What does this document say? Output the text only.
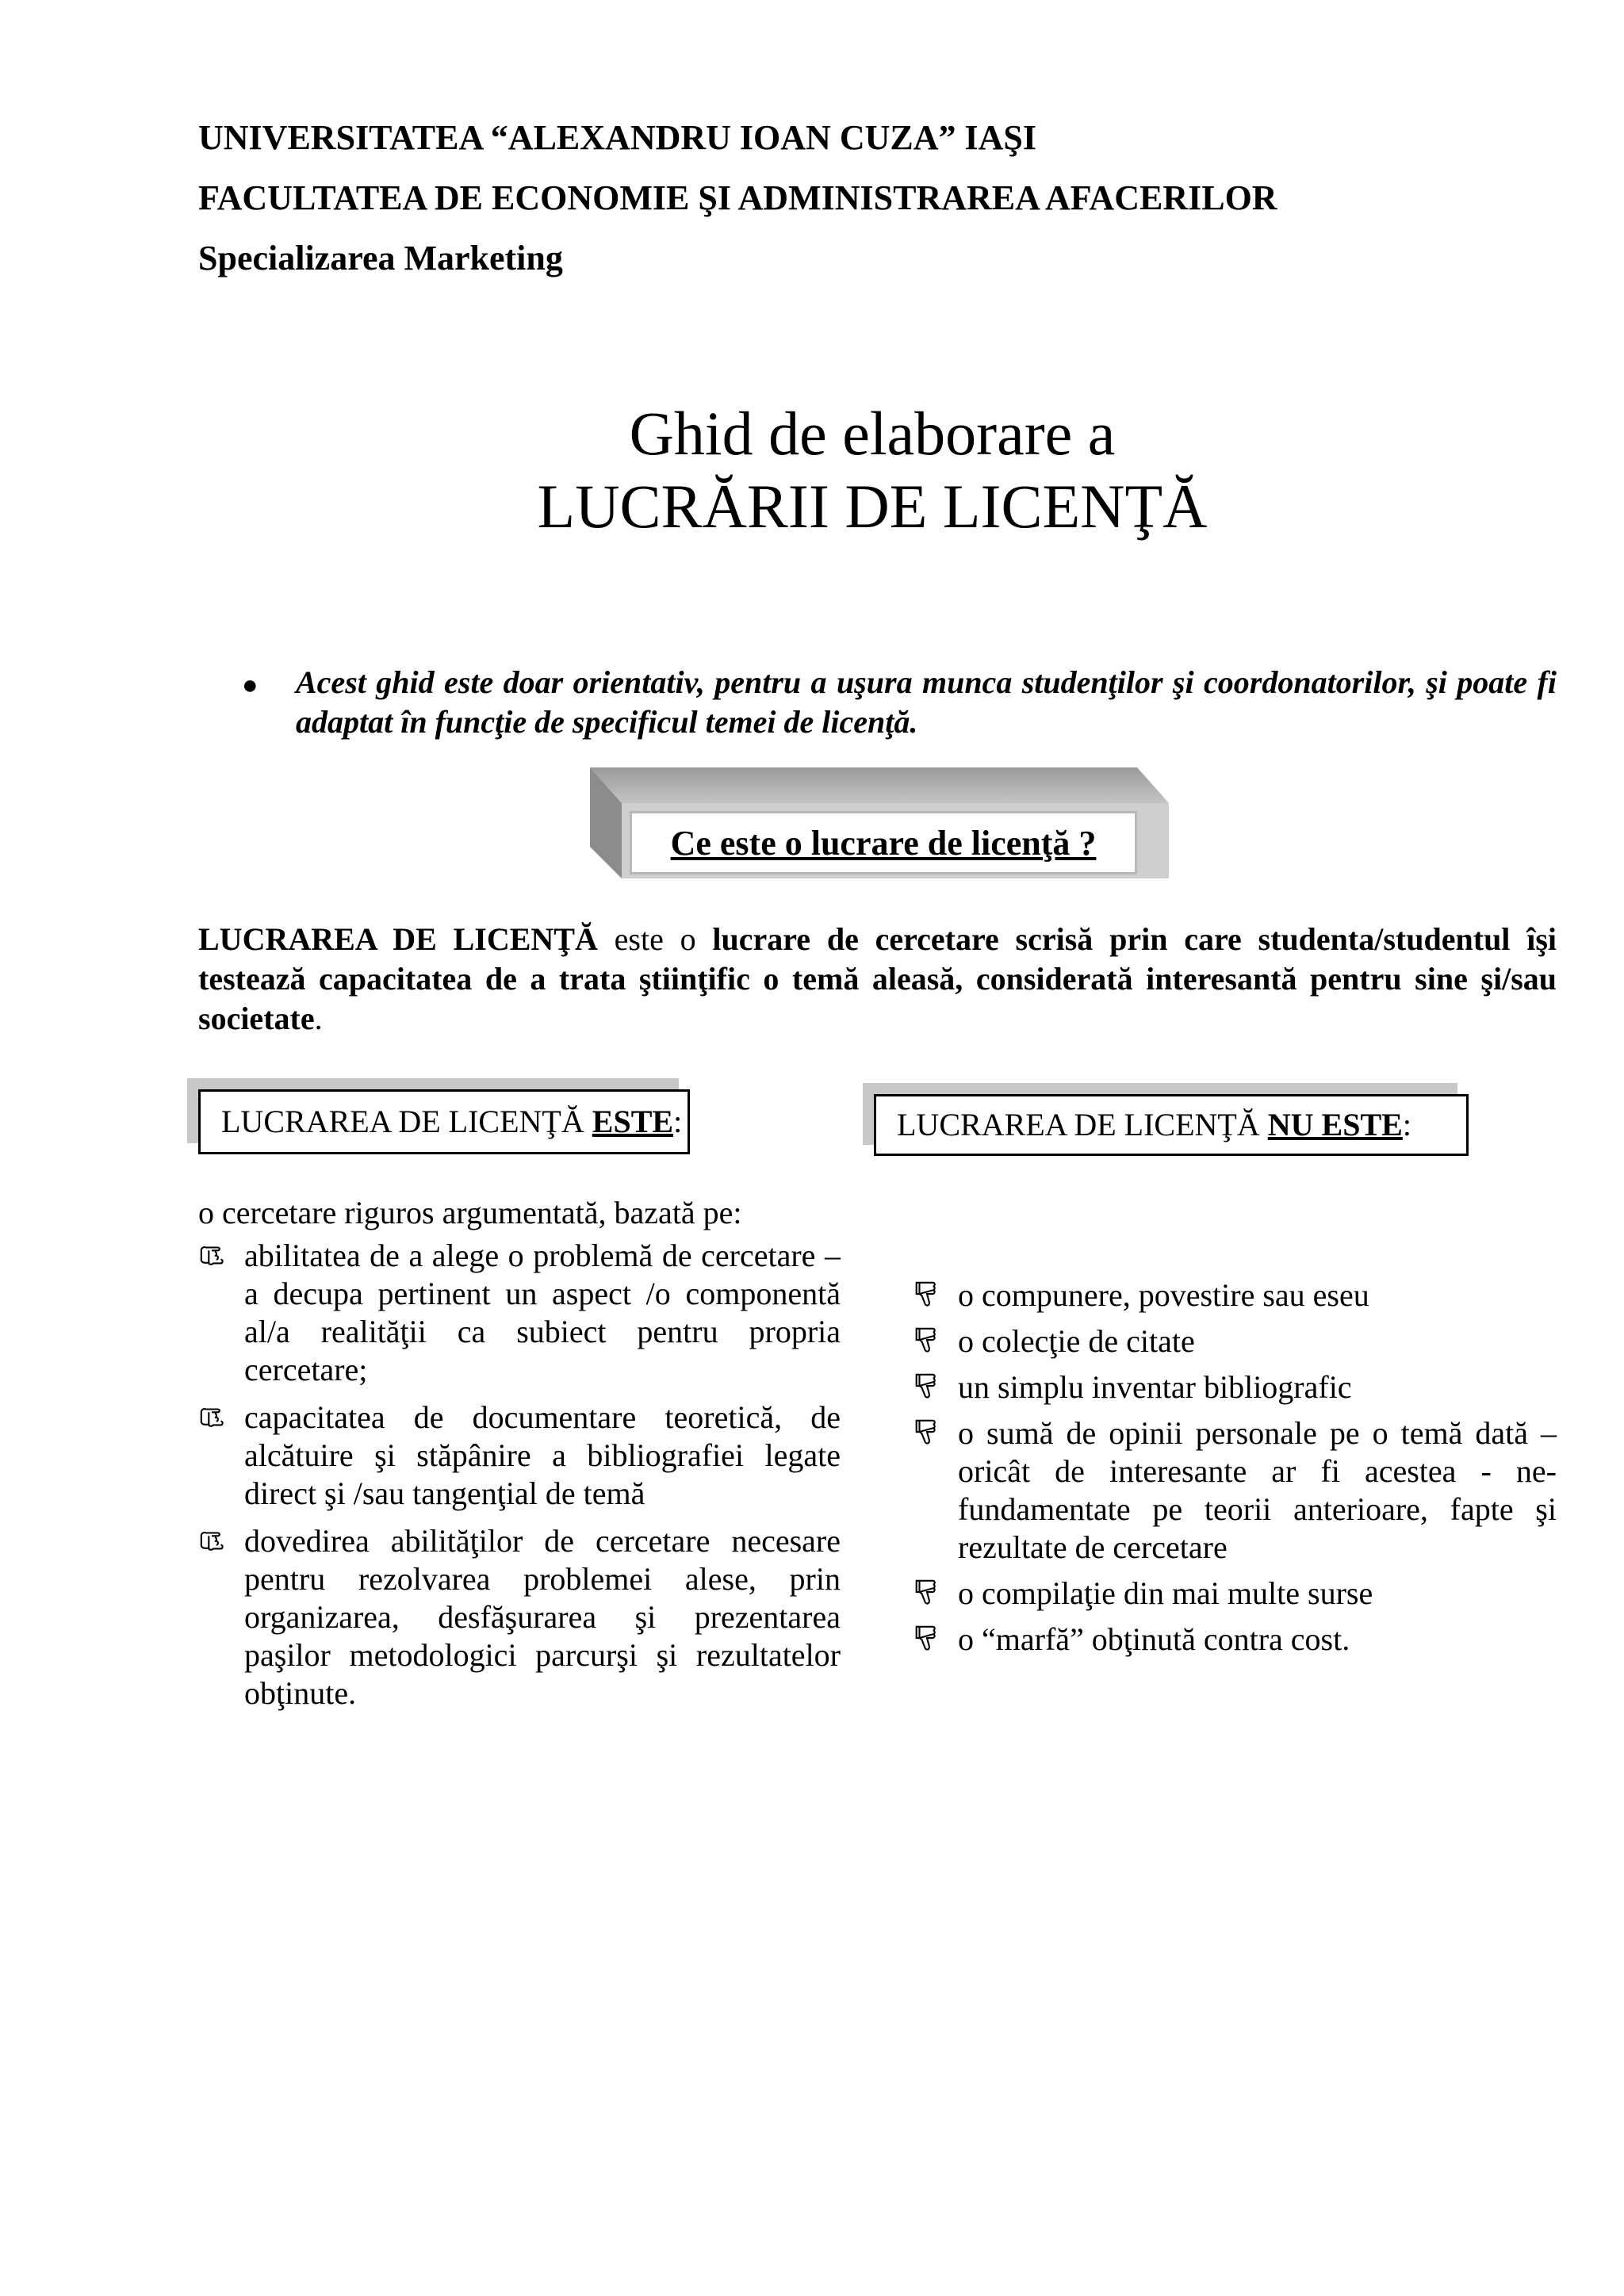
UNIVERSITATEA “ALEXANDRU IOAN CUZA” IAŞI
FACULTATEA DE ECONOMIE ŞI ADMINISTRAREA AFACERILOR
Specializarea Marketing
Ghid de elaborare a
LUCRĂRII DE LICENŢĂ
● Acest ghid este doar orientativ, pentru a uşura munca studenţilor şi coordonatorilor, şi poate fi adaptat în funcţie de specificul temei de licenţă.
Ce este o lucrare de licenţă ?
LUCRAREA DE LICENŢĂ este o lucrare de cercetare scrisă prin care studenta/studentul îşi testează capacitatea de a trata ştiinţific o temă aleasă, considerată interesantă pentru sine şi/sau societate.
LUCRAREA DE LICENŢĂ ESTE :	LUCRAREA DE LICENŢĂ NU ESTE :
o cercetare riguros argumentată, bazată pe:
abilitatea de a alege o problemă de cercetare – a decupa pertinent un aspect /o componentă al/a realităţii ca subiect pentru propria cercetare;
capacitatea de documentare teoretică, de alcătuire şi stăpânire a bibliografiei legate direct şi /sau tangenţial de temă
dovedirea abilităţilor de cercetare necesare pentru rezolvarea problemei alese, prin organizarea, desfăşurarea şi prezentarea paşilor metodologici parcurşi şi rezultatelor obţinute.
o compunere, povestire sau eseu
o colecţie de citate
un simplu inventar bibliografic
o sumă de opinii personale pe o temă dată – oricât de interesante ar fi acestea - ne-fundamentate pe teorii anterioare, fapte şi rezultate de cercetare
o compilaţie din mai multe surse
o “marfă” obţinută contra cost.
